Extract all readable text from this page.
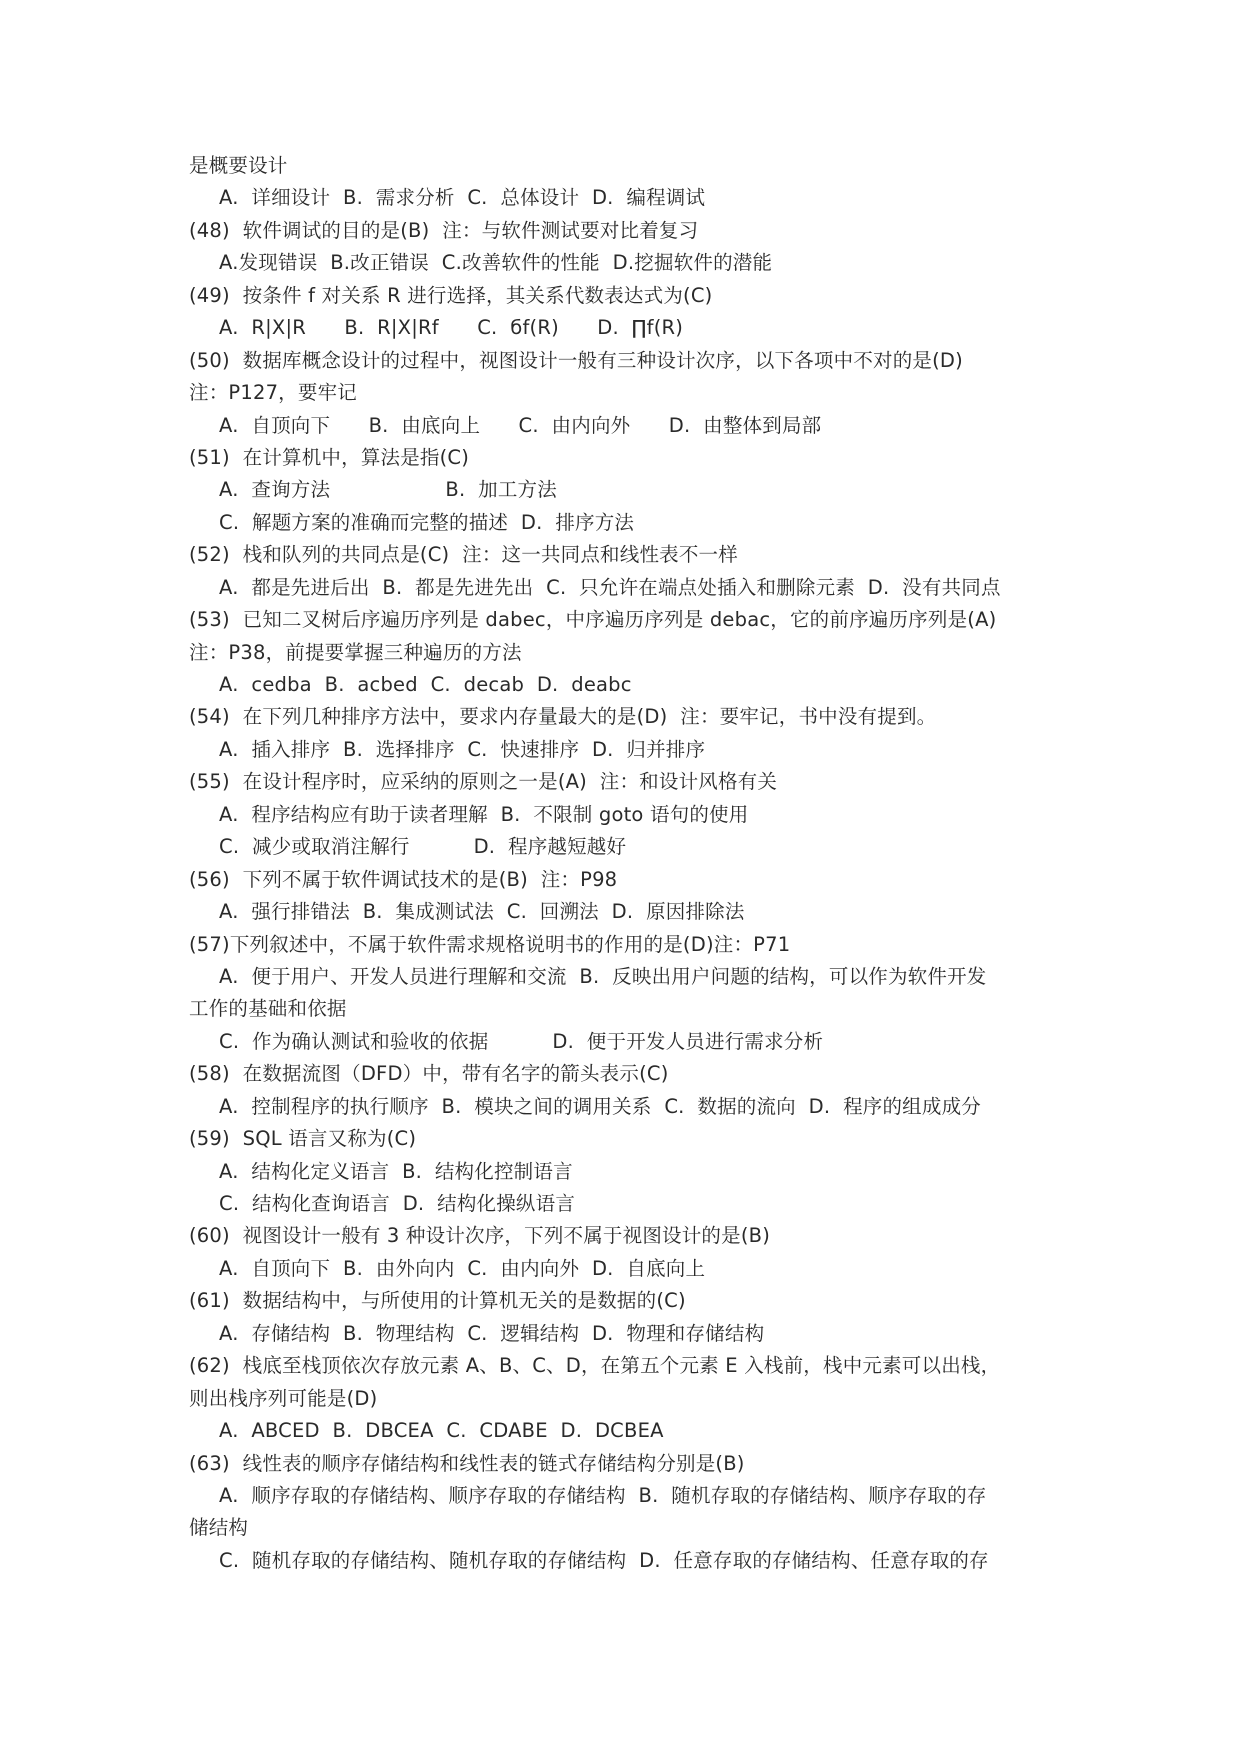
是概要设计
A.  详细设计  B.  需求分析  C.  总体设计  D.  编程调试
(48)  软件调试的目的是(B)  注：与软件测试要对比着复习
A.发现错误  B.改正错误  C.改善软件的性能  D.挖掘软件的潜能
(49)  按条件 f 对关系 R 进行选择，其关系代数表达式为(C)
A.  R|X|R      B.  R|X|Rf      C.  бf(R)      D.  ∏f(R)
(50)  数据库概念设计的过程中，视图设计一般有三种设计次序，以下各项中不对的是(D)
注：P127，要牢记
A.  自顶向下      B.  由底向上      C.  由内向外      D.  由整体到局部
(51)  在计算机中，算法是指(C)
A.  查询方法                  B.  加工方法
C.  解题方案的准确而完整的描述  D.  排序方法
(52)  栈和队列的共同点是(C)  注：这一共同点和线性表不一样
A.  都是先进后出  B.  都是先进先出  C.  只允许在端点处插入和删除元素  D.  没有共同点
(53)  已知二叉树后序遍历序列是 dabec，中序遍历序列是 debac，它的前序遍历序列是(A)
注：P38，前提要掌握三种遍历的方法
A.  cedba  B.  acbed  C.  decab  D.  deabc
(54)  在下列几种排序方法中，要求内存量最大的是(D)  注：要牢记，书中没有提到。
A.  插入排序  B.  选择排序  C.  快速排序  D.  归并排序
(55)  在设计程序时，应采纳的原则之一是(A)  注：和设计风格有关
A.  程序结构应有助于读者理解  B.  不限制 goto 语句的使用
C.  减少或取消注解行          D.  程序越短越好
(56)  下列不属于软件调试技术的是(B)  注：P98
A.  强行排错法  B.  集成测试法  C.  回溯法  D.  原因排除法
(57)下列叙述中，不属于软件需求规格说明书的作用的是(D)注：P71
A.  便于用户、开发人员进行理解和交流  B.  反映出用户问题的结构，可以作为软件开发
工作的基础和依据
C.  作为确认测试和验收的依据          D.  便于开发人员进行需求分析
(58)  在数据流图（DFD）中，带有名字的箭头表示(C)
A.  控制程序的执行顺序  B.  模块之间的调用关系  C.  数据的流向  D.  程序的组成成分
(59)  SQL 语言又称为(C)
A.  结构化定义语言  B.  结构化控制语言
C.  结构化查询语言  D.  结构化操纵语言
(60)  视图设计一般有 3 种设计次序，下列不属于视图设计的是(B)
A.  自顶向下  B.  由外向内  C.  由内向外  D.  自底向上
(61)  数据结构中，与所使用的计算机无关的是数据的(C)
A.  存储结构  B.  物理结构  C.  逻辑结构  D.  物理和存储结构
(62)  栈底至栈顶依次存放元素 A、B、C、D，在第五个元素 E 入栈前，栈中元素可以出栈，
则出栈序列可能是(D)
A.  ABCED  B.  DBCEA  C.  CDABE  D.  DCBEA
(63)  线性表的顺序存储结构和线性表的链式存储结构分别是(B)
A.  顺序存取的存储结构、顺序存取的存储结构  B.  随机存取的存储结构、顺序存取的存
储结构
C.  随机存取的存储结构、随机存取的存储结构  D.  任意存取的存储结构、任意存取的存
